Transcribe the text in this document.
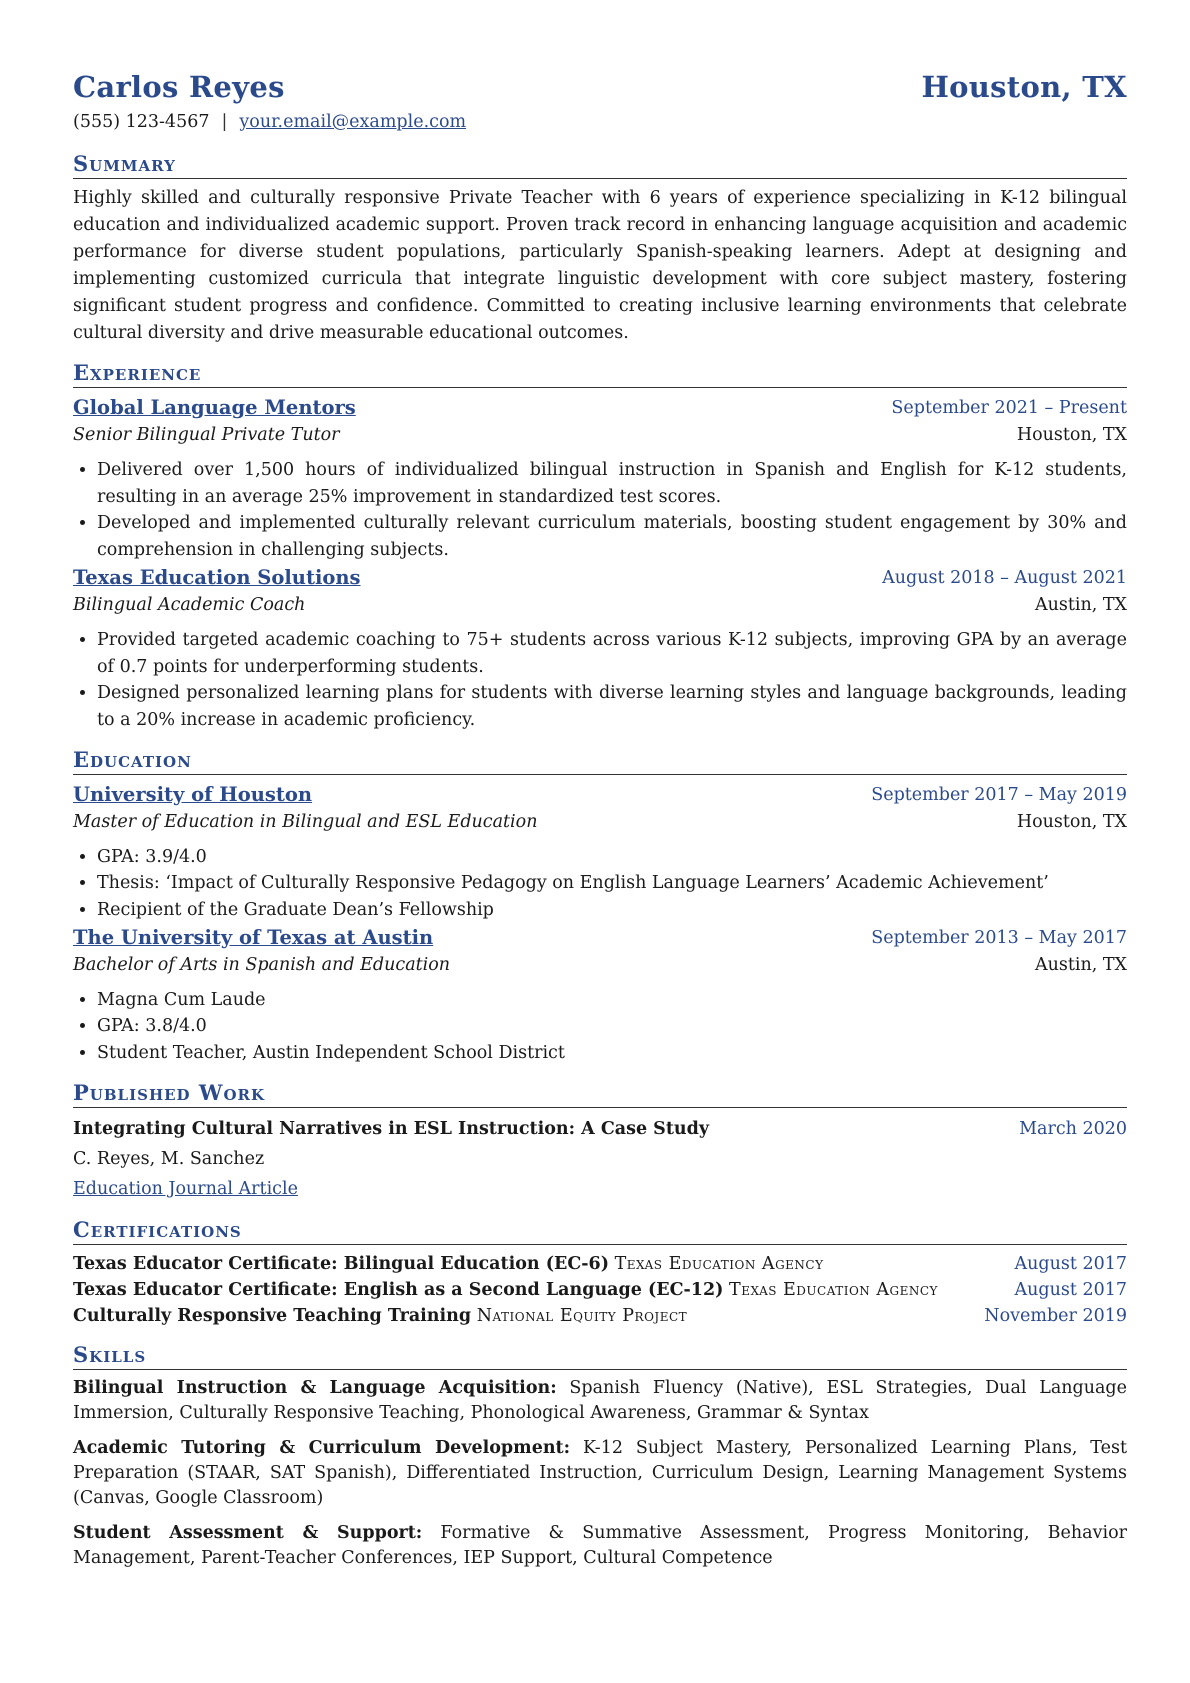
Carlos Reyes	Houston, TX
(555) 123-4567 | your.email@example.com
Summary
Highly skilled and culturally responsive Private Teacher with 6 years of experience specializing in K-12 bilingual education and individualized academic support. Proven track record in enhancing language acquisition and academic performance for diverse student populations, particularly Spanish-speaking learners. Adept at designing and implementing customized curricula that integrate linguistic development with core subject mastery, fostering significant student progress and confidence. Committed to creating inclusive learning environments that celebrate cultural diversity and drive measurable educational outcomes.
Experience
Global Language Mentors	September 2021 – Present
Senior Bilingual Private Tutor	Houston, TX
• Delivered over 1,500 hours of individualized bilingual instruction in Spanish and English for K-12 students, resulting in an average 25% improvement in standardized test scores.
• Developed and implemented culturally relevant curriculum materials, boosting student engagement by 30% and comprehension in challenging subjects.
Texas Education Solutions	August 2018 – August 2021
Bilingual Academic Coach	Austin, TX
• Provided targeted academic coaching to 75+ students across various K-12 subjects, improving GPA by an average of 0.7 points for underperforming students.
• Designed personalized learning plans for students with diverse learning styles and language backgrounds, leading to a 20% increase in academic proficiency.
Education
University of Houston	September 2017 – May 2019
Master of Education in Bilingual and ESL Education	Houston, TX
• GPA: 3.9/4.0
• Thesis: ‘Impact of Culturally Responsive Pedagogy on English Language Learners’ Academic Achievement’
• Recipient of the Graduate Dean’s Fellowship
The University of Texas at Austin	September 2013 – May 2017
Bachelor of Arts in Spanish and Education	Austin, TX
• Magna Cum Laude
• GPA: 3.8/4.0
• Student Teacher, Austin Independent School District
Published Work
Integrating Cultural Narratives in ESL Instruction: A Case Study	March 2020
C. Reyes, M. Sanchez
Education Journal Article
Certifications
Texas Educator Certificate: Bilingual Education (EC-6) Texas Education Agency	August 2017
Texas Educator Certificate: English as a Second Language (EC-12) Texas Education Agency	August 2017
Culturally Responsive Teaching Training National Equity Project	November 2019
Skills
Bilingual Instruction & Language Acquisition: Spanish Fluency (Native), ESL Strategies, Dual Language Immersion, Culturally Responsive Teaching, Phonological Awareness, Grammar & Syntax
Academic Tutoring & Curriculum Development: K-12 Subject Mastery, Personalized Learning Plans, Test Preparation (STAAR, SAT Spanish), Differentiated Instruction, Curriculum Design, Learning Management Systems (Canvas, Google Classroom)
Student Assessment & Support: Formative & Summative Assessment, Progress Monitoring, Behavior Management, Parent-Teacher Conferences, IEP Support, Cultural Competence
